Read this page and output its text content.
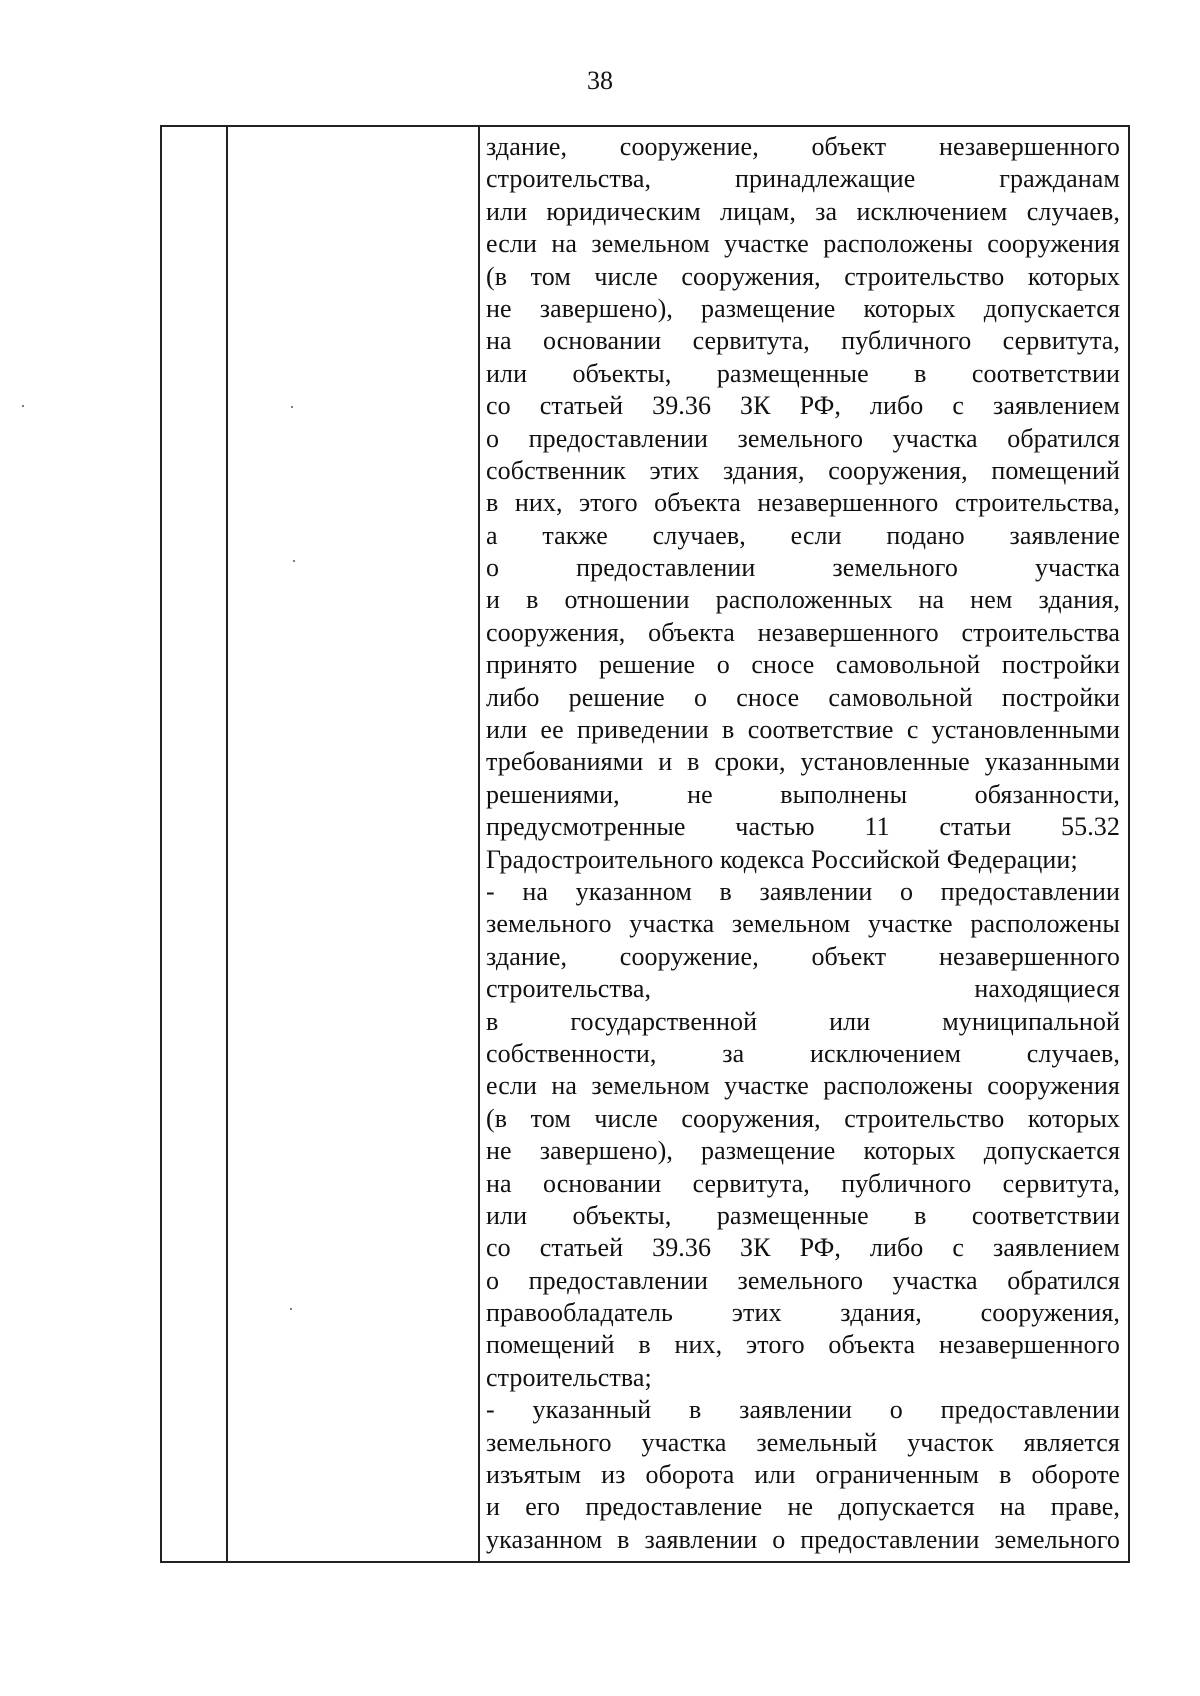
38
здание, сооружение, объект незавершенного
строительства, принадлежащие гражданам
или юридическим лицам, за исключением случаев,
если на земельном участке расположены сооружения
(в том числе сооружения, строительство которых
не завершено), размещение которых допускается
на основании сервитута, публичного сервитута,
или объекты, размещенные в соответствии
со статьей 39.36 ЗК РФ, либо с заявлением
о предоставлении земельного участка обратился
собственник этих здания, сооружения, помещений
в них, этого объекта незавершенного строительства,
а также случаев, если подано заявление
о предоставлении земельного участка
и в отношении расположенных на нем здания,
сооружения, объекта незавершенного строительства
принято решение о сносе самовольной постройки
либо решение о сносе самовольной постройки
или ее приведении в соответствие с установленными
требованиями и в сроки, установленные указанными
решениями, не выполнены обязанности,
предусмотренные частью 11 статьи 55.32
Градостроительного кодекса Российской Федерации;
- на указанном в заявлении о предоставлении
земельного участка земельном участке расположены
здание, сооружение, объект незавершенного
строительства, находящиеся
в государственной или муниципальной
собственности, за исключением случаев,
если на земельном участке расположены сооружения
(в том числе сооружения, строительство которых
не завершено), размещение которых допускается
на основании сервитута, публичного сервитута,
или объекты, размещенные в соответствии
со статьей 39.36 ЗК РФ, либо с заявлением
о предоставлении земельного участка обратился
правообладатель этих здания, сооружения,
помещений в них, этого объекта незавершенного
строительства;
- указанный в заявлении о предоставлении
земельного участка земельный участок является
изъятым из оборота или ограниченным в обороте
и его предоставление не допускается на праве,
указанном в заявлении о предоставлении земельного
